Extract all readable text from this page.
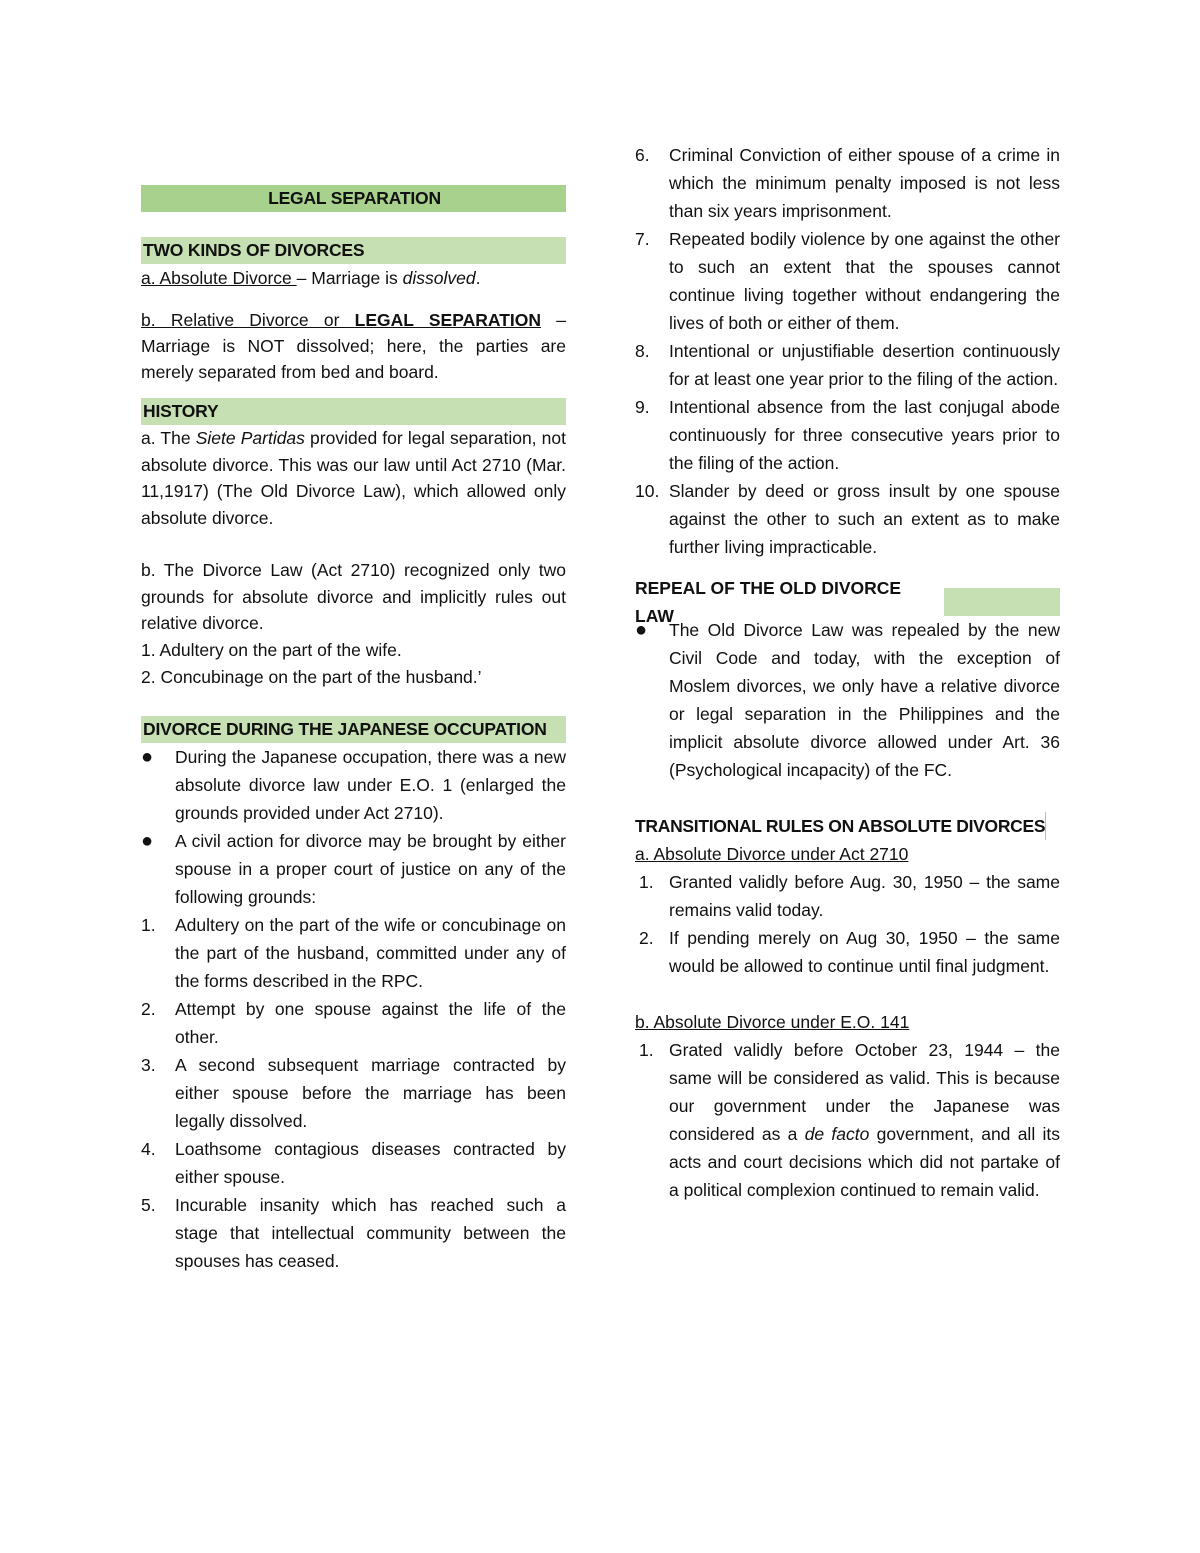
LEGAL SEPARATION

TWO KINDS OF DIVORCES

a. Absolute Divorce – Marriage is dissolved.

b. Relative Divorce or LEGAL SEPARATION – Marriage is NOT dissolved; here, the parties are merely separated from bed and board.

HISTORY

a. The Siete Partidas provided for legal separation, not absolute divorce. This was our law until Act 2710 (Mar. 11,1917) (The Old Divorce Law), which allowed only absolute divorce.

b. The Divorce Law (Act 2710) recognized only two grounds for absolute divorce and implicitly rules out relative divorce.

1. Adultery on the part of the wife.

2. Concubinage on the part of the husband.’

DIVORCE DURING THE JAPANESE OCCUPATION

●	During the Japanese occupation, there was a new absolute divorce law under E.O. 1 (enlarged the grounds provided under Act 2710).
●	A civil action for divorce may be brought by either spouse in a proper court of justice on any of the following grounds:
1.	Adultery on the part of the wife or concubinage on the part of the husband, committed under any of the forms described in the RPC.
2.	Attempt by one spouse against the life of the other.
3.	A second subsequent marriage contracted by either spouse before the marriage has been legally dissolved.
4.	Loathsome contagious diseases contracted by either spouse.
5.	Incurable insanity which has reached such a stage that intellectual community between the spouses has ceased.
6.	Criminal Conviction of either spouse of a crime in which the minimum penalty imposed is not less than six years imprisonment.
7.	Repeated bodily violence by one against the other to such an extent that the spouses cannot continue living together without endangering the lives of both or either of them.
8.	Intentional or unjustifiable desertion continuously for at least one year prior to the filing of the action.
9.	Intentional absence from the last conjugal abode continuously for three consecutive years prior to the filing of the action.
10. Slander by deed or gross insult by one spouse against the other to such an extent as to make further living impracticable.
REPEAL OF THE OLD DIVORCE LAW
●	The Old Divorce Law was repealed by the new Civil Code and today, with the exception of Moslem divorces, we only have a relative divorce or legal separation in the Philippines and the implicit absolute divorce allowed under Art. 36 (Psychological incapacity) of the FC.

TRANSITIONAL RULES ON ABSOLUTE DIVORCES

a. Absolute Divorce under Act 2710

1. Granted validly before Aug. 30, 1950 – the same remains valid today.
2. If pending merely on Aug 30, 1950 – the same would be allowed to continue until final judgment.

b. Absolute Divorce under E.O. 141

1. Grated validly before October 23, 1944 – the same will be considered as valid. This is because our government under the Japanese was considered as a de facto government, and all its acts and court decisions which did not partake of a political complexion continued to remain valid.
